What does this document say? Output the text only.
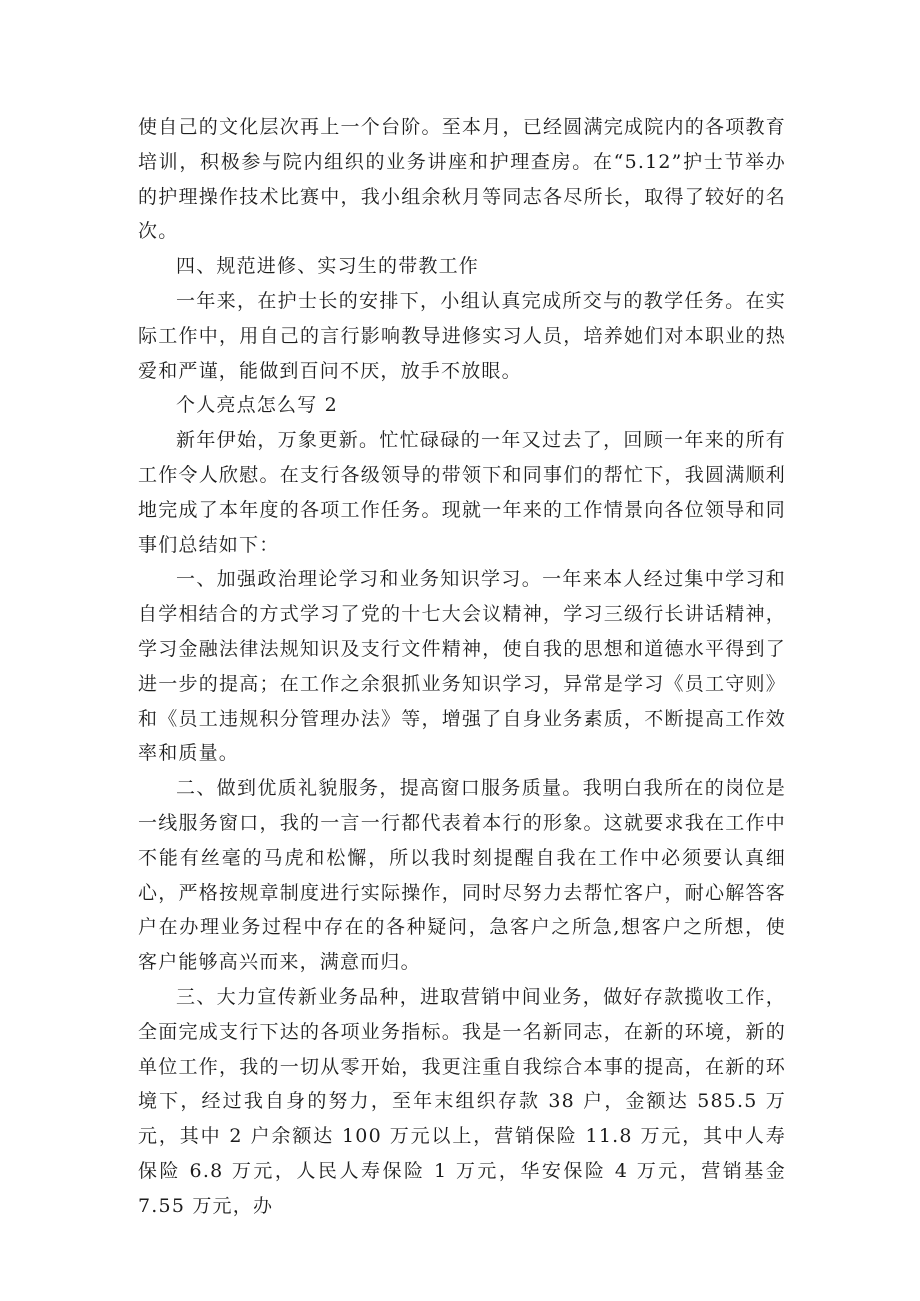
使自己的文化层次再上一个台阶。至本月，已经圆满完成院内的各项教育培训，积极参与院内组织的业务讲座和护理查房。在“5.12”护士节举办的护理操作技术比赛中，我小组余秋月等同志各尽所长，取得了较好的名次。

四、规范进修、实习生的带教工作

一年来，在护士长的安排下，小组认真完成所交与的教学任务。在实际工作中，用自己的言行影响教导进修实习人员，培养她们对本职业的热爱和严谨，能做到百问不厌，放手不放眼。

个人亮点怎么写 2

新年伊始，万象更新。忙忙碌碌的一年又过去了，回顾一年来的所有工作令人欣慰。在支行各级领导的带领下和同事们的帮忙下，我圆满顺利地完成了本年度的各项工作任务。现就一年来的工作情景向各位领导和同事们总结如下：

一、加强政治理论学习和业务知识学习。一年来本人经过集中学习和自学相结合的方式学习了党的十七大会议精神，学习三级行长讲话精神，学习金融法律法规知识及支行文件精神，使自我的思想和道德水平得到了进一步的提高；在工作之余狠抓业务知识学习，异常是学习《员工守则》和《员工违规积分管理办法》等，增强了自身业务素质，不断提高工作效率和质量。

二、做到优质礼貌服务，提高窗口服务质量。我明白我所在的岗位是一线服务窗口，我的一言一行都代表着本行的形象。这就要求我在工作中不能有丝毫的马虎和松懈，所以我时刻提醒自我在工作中必须要认真细心，严格按规章制度进行实际操作，同时尽努力去帮忙客户，耐心解答客户在办理业务过程中存在的各种疑问，急客户之所急,想客户之所想，使客户能够高兴而来，满意而归。

三、大力宣传新业务品种，进取营销中间业务，做好存款揽收工作，全面完成支行下达的各项业务指标。我是一名新同志，在新的环境，新的单位工作，我的一切从零开始，我更注重自我综合本事的提高，在新的环境下，经过我自身的努力，至年末组织存款 38 户，金额达 585.5 万元，其中 2 户余额达 100 万元以上，营销保险 11.8 万元，其中人寿保险 6.8 万元，人民人寿保险 1 万元，华安保险 4 万元，营销基金 7.55 万元，办
